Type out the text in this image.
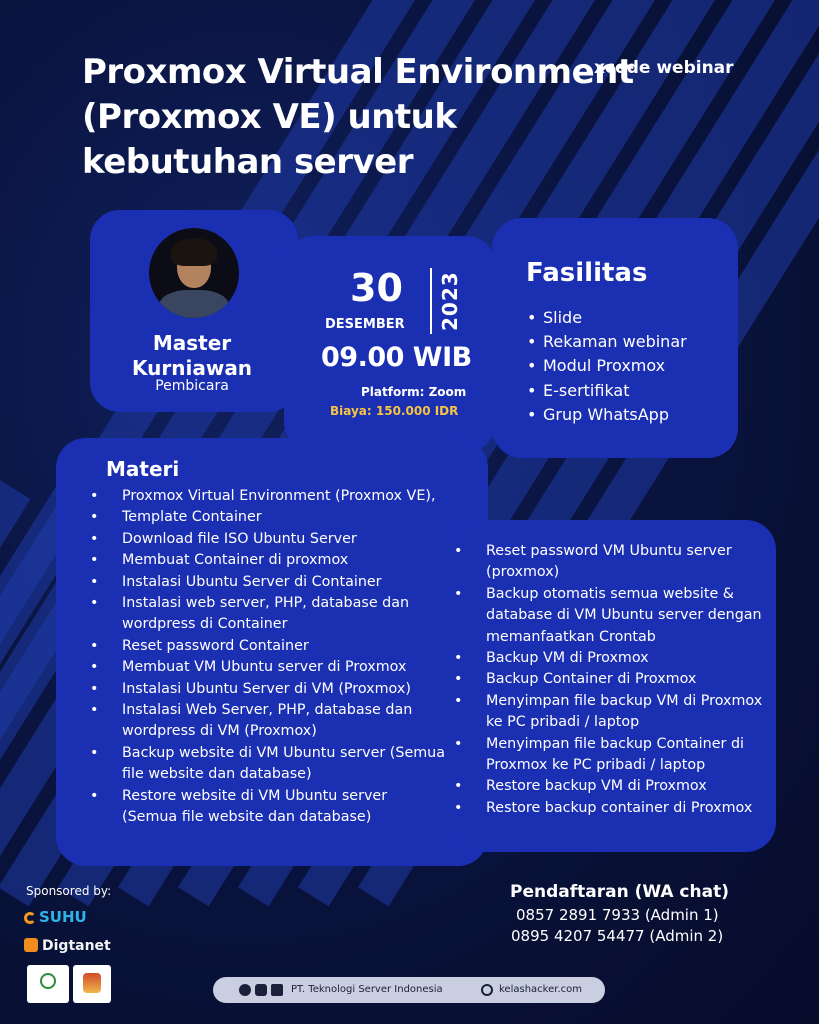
Proxmox Virtual Environment (Proxmox VE) untuk kebutuhan server
xcode webinar
Master Kurniawan
Pembicara
30
DESEMBER 2023
09.00 WIB
Platform: Zoom
Biaya: 150.000 IDR
Fasilitas
• Slide
• Rekaman webinar
• Modul Proxmox
• E-sertifikat
• Grup WhatsApp
Materi
• Proxmox Virtual Environment (Proxmox VE),
• Template Container
• Download file ISO Ubuntu Server
• Membuat Container di proxmox
• Instalasi Ubuntu Server di Container
• Instalasi web server, PHP, database dan wordpress di Container
• Reset password Container
• Membuat VM Ubuntu server di Proxmox
• Instalasi Ubuntu Server di VM (Proxmox)
• Instalasi Web Server, PHP, database dan wordpress di VM (Proxmox)
• Backup website di VM Ubuntu server (Semua file website dan database)
• Restore website di VM Ubuntu server (Semua file website dan database)
• Reset password VM Ubuntu server (proxmox)
• Backup otomatis semua website & database di VM Ubuntu server dengan memanfaatkan Crontab
• Backup VM di Proxmox
• Backup Container di Proxmox
• Menyimpan file backup VM di Proxmox ke PC pribadi / laptop
• Menyimpan file backup Container di Proxmox ke PC pribadi / laptop
• Restore backup VM di Proxmox
• Restore backup container di Proxmox
Sponsored by:
SUHU
Digtanet
Pendaftaran (WA chat)
0857 2891 7933 (Admin 1)
0895 4207 54477 (Admin 2)
PT. Teknologi Server Indonesia	kelashacker.com
